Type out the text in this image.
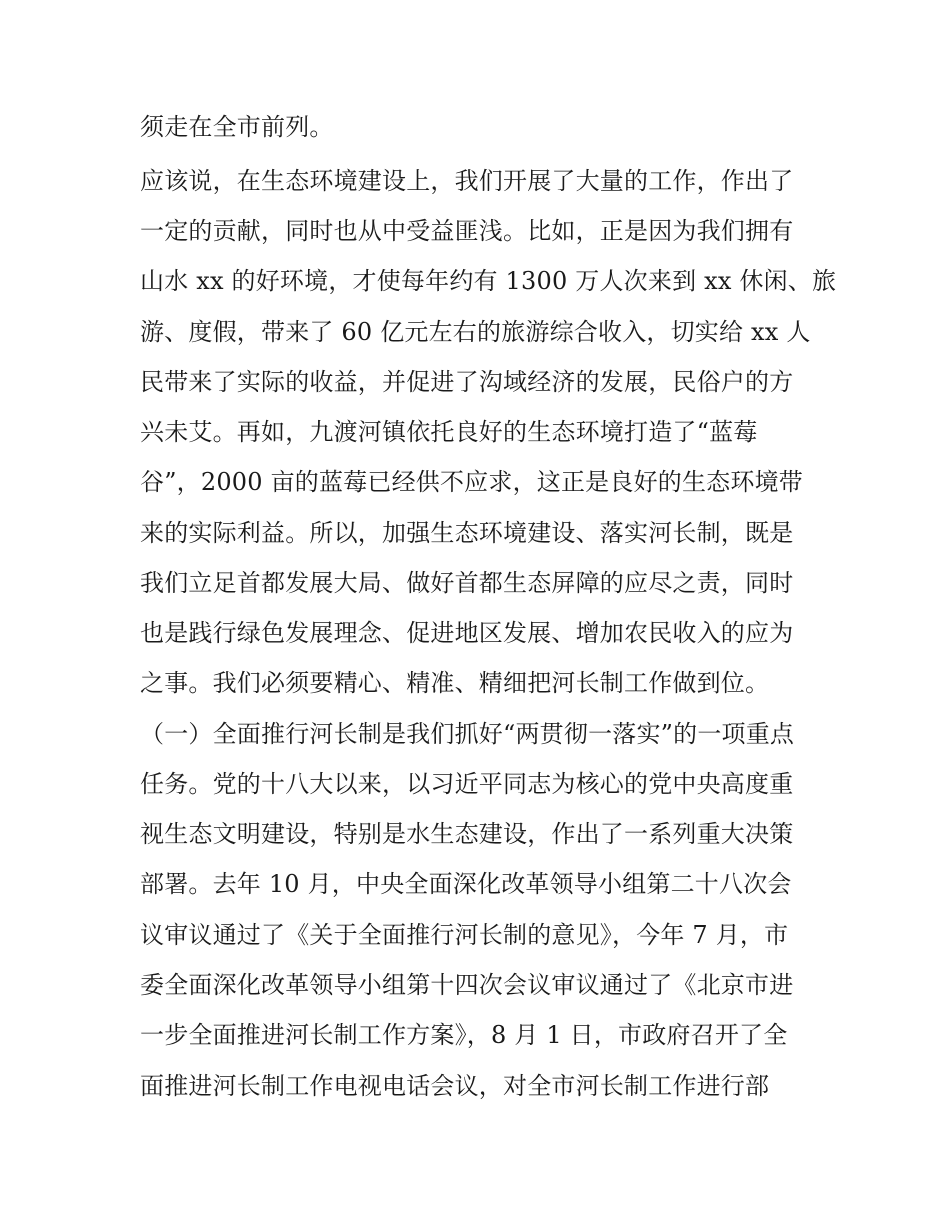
须走在全市前列。
应该说，在生态环境建设上，我们开展了大量的工作，作出了
一定的贡献，同时也从中受益匪浅。比如，正是因为我们拥有
山水 xx 的好环境，才使每年约有 1300 万人次来到 xx 休闲、旅
游、度假，带来了 60 亿元左右的旅游综合收入，切实给 xx 人
民带来了实际的收益，并促进了沟域经济的发展，民俗户的方
兴未艾。再如，九渡河镇依托良好的生态环境打造了“蓝莓
谷”，2000 亩的蓝莓已经供不应求，这正是良好的生态环境带
来的实际利益。所以，加强生态环境建设、落实河长制，既是
我们立足首都发展大局、做好首都生态屏障的应尽之责，同时
也是践行绿色发展理念、促进地区发展、增加农民收入的应为
之事。我们必须要精心、精准、精细把河长制工作做到位。
（一）全面推行河长制是我们抓好“两贯彻一落实”的一项重点
任务。党的十八大以来，以习近平同志为核心的党中央高度重
视生态文明建设，特别是水生态建设，作出了一系列重大决策
部署。去年 10 月，中央全面深化改革领导小组第二十八次会
议审议通过了《关于全面推行河长制的意见》，今年 7 月，市
委全面深化改革领导小组第十四次会议审议通过了《北京市进
一步全面推进河长制工作方案》，8 月 1 日，市政府召开了全
面推进河长制工作电视电话会议，对全市河长制工作进行部
